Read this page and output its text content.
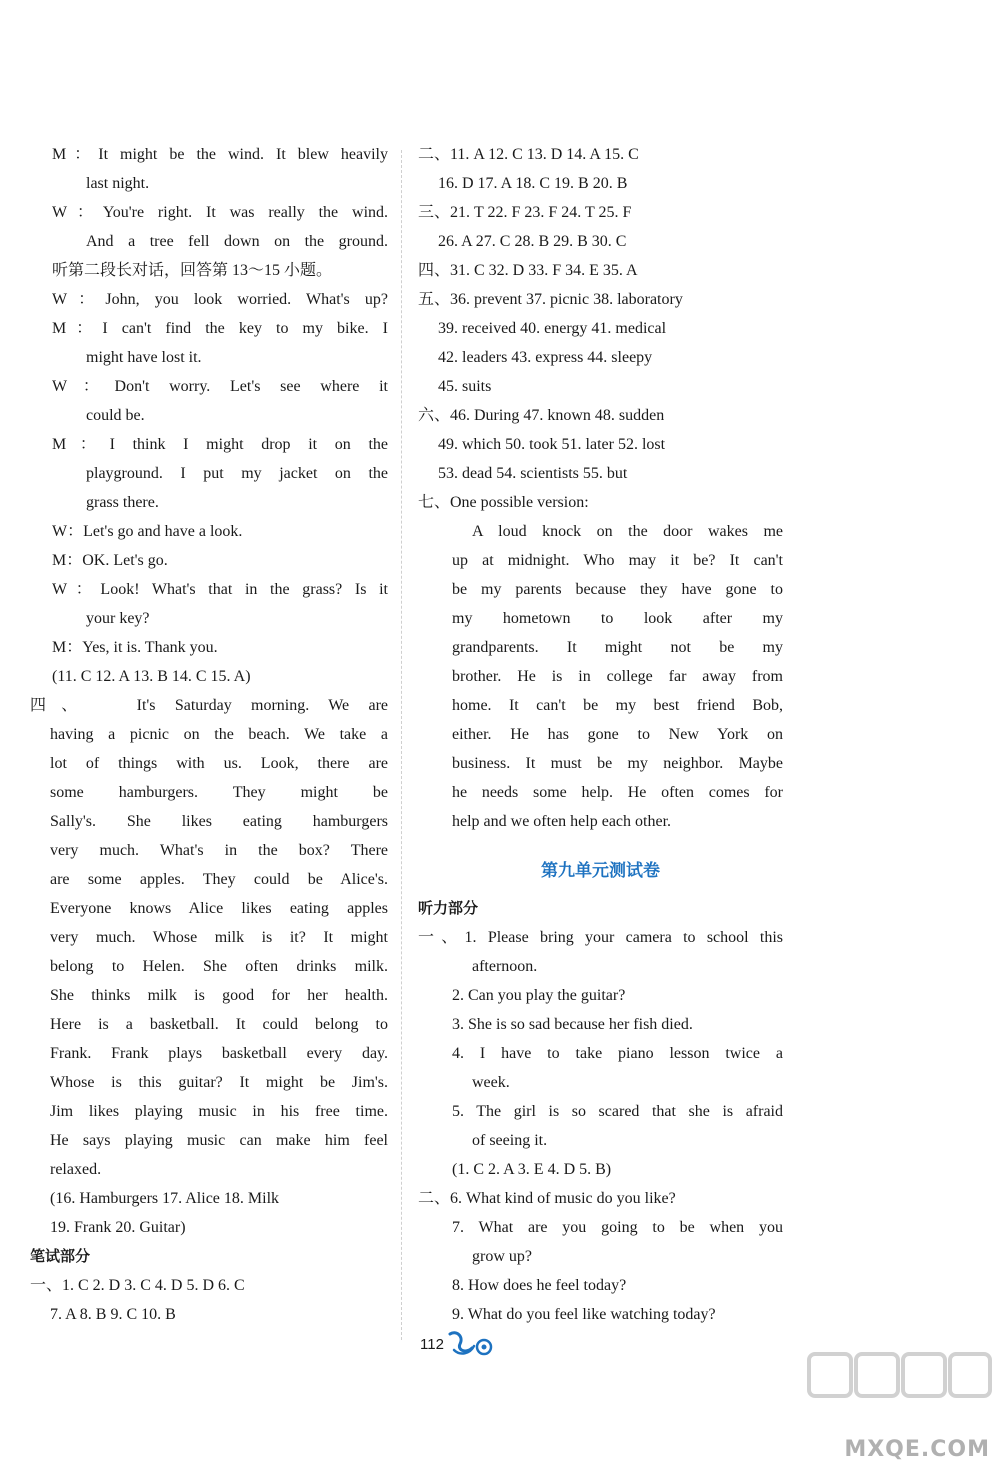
M：It might be the wind. It blew heavily
last night.
W：You're right. It was really the wind.
And a tree fell down on the ground.
听第二段长对话，回答第 13～15 小题。
W：John, you look worried. What's up?
M：I can't find the key to my bike. I
might have lost it.
W：Don't worry. Let's see where it
could be.
M：I think I might drop it on the
playground. I put my jacket on the
grass there.
W：Let's go and have a look.
M：OK. Let's go.
W：Look! What's that in the grass? Is it
your key?
M：Yes, it is. Thank you.
(11. C 12. A 13. B 14. C 15. A)
四、	It's Saturday morning. We are
having a picnic on the beach. We take a
lot of things with us. Look, there are
some hamburgers. They might be
Sally's. She likes eating hamburgers
very much. What's in the box? There
are some apples. They could be Alice's.
Everyone knows Alice likes eating apples
very much. Whose milk is it? It might
belong to Helen. She often drinks milk.
She thinks milk is good for her health.
Here is a basketball. It could belong to
Frank. Frank plays basketball every day.
Whose is this guitar? It might be Jim's.
Jim likes playing music in his free time.
He says playing music can make him feel
relaxed.
(16. Hamburgers 17. Alice 18. Milk
19. Frank 20. Guitar)
笔试部分
一、1. C 2. D 3. C 4. D 5. D 6. C
7. A 8. B 9. C 10. B
二、11. A 12. C 13. D 14. A 15. C
16. D 17. A 18. C 19. B 20. B
三、21. T 22. F 23. F 24. T 25. F
26. A 27. C 28. B 29. B 30. C
四、31. C 32. D 33. F 34. E 35. A
五、36. prevent 37. picnic 38. laboratory
39. received 40. energy 41. medical
42. leaders 43. express 44. sleepy
45. suits
六、46. During 47. known 48. sudden
49. which 50. took 51. later 52. lost
53. dead 54. scientists 55. but
七、One possible version:
A loud knock on the door wakes me
up at midnight. Who may it be? It can't
be my parents because they have gone to
my hometown to look after my
grandparents. It might not be my
brother. He is in college far away from
home. It can't be my best friend Bob,
either. He has gone to New York on
business. It must be my neighbor. Maybe
he needs some help. He often comes for
help and we often help each other.
第九单元测试卷
听力部分
一、1. Please bring your camera to school this
afternoon.
2. Can you play the guitar?
3. She is so sad because her fish died.
4. I have to take piano lesson twice a
week.
5. The girl is so scared that she is afraid
of seeing it.
(1. C 2. A 3. E 4. D 5. B)
二、6. What kind of music do you like?
7. What are you going to be when you
grow up?
8. How does he feel today?
9. What do you feel like watching today?
112
MXQE.COM
